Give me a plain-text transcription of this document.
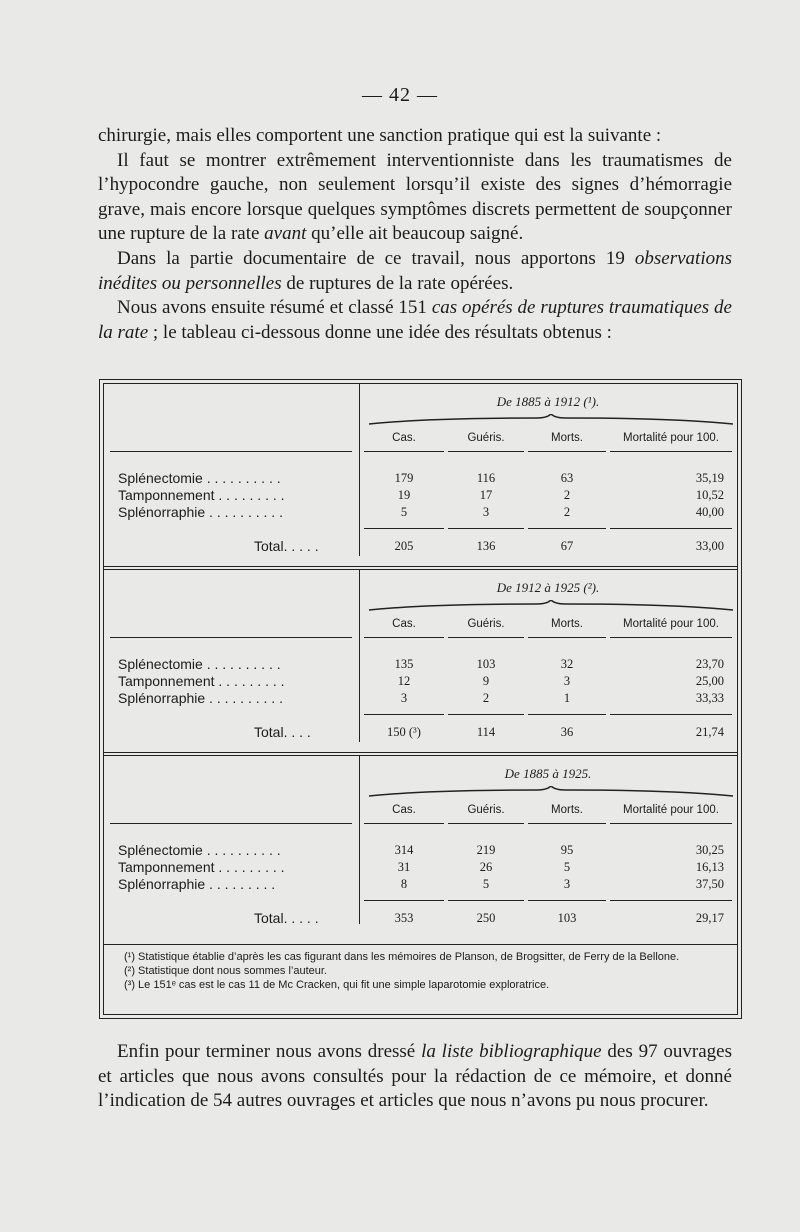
— 42 —

chirurgie, mais elles comportent une sanction pratique qui est la suivante :

Il faut se montrer extrêmement interventionniste dans les traumatismes de l’hypocondre gauche, non seulement lorsqu’il existe des signes d’hémorragie grave, mais encore lorsque quelques symptômes discrets permettent de soupçonner une rupture de la rate avant qu’elle ait beaucoup saigné.

Dans la partie documentaire de ce travail, nous apportons 19 observations inédites ou personnelles de ruptures de la rate opérées.

Nous avons ensuite résumé et classé 151 cas opérés de ruptures traumatiques de la rate ; le tableau ci-dessous donne une idée des résultats obtenus :

(¹) Statistique établie d’après les cas figurant dans les mémoires de Planson, de Brogsitter, de Ferry de la Bellone.
(²) Statistique dont nous sommes l’auteur.
(³) Le 151ᵉ cas est le cas 11 de Mc Cracken, qui fit une simple laparotomie exploratrice.
De 1885 à 1912 (¹).
Cas.	Guéris.	Morts.	Mortalité pour 100.
Splénectomie . . . . . . . . . .	179	116	63	35,19
Tamponnement . . . . . . . . .	19	17	2	10,52
Splénorraphie . . . . . . . . . .	5	3	2	40,00
Total. . . . .	205	136	67	33,00
De 1912 à 1925 (²).
Cas.	Guéris.	Morts.	Mortalité pour 100.
Splénectomie . . . . . . . . . .	135	103	32	23,70
Tamponnement . . . . . . . . .	12	9	3	25,00
Splénorraphie . . . . . . . . . .	3	2	1	33,33
Total. . . .	150 (³)	114	36	21,74
De 1885 à 1925.
Cas.	Guéris.	Morts.	Mortalité pour 100.
Splénectomie . . . . . . . . . .	314	219	95	30,25
Tamponnement . . . . . . . . .	31	26	5	16,13
Splénorraphie . . . . . . . . .	8	5	3	37,50
Total. . . . .	353	250	103	29,17

Enfin pour terminer nous avons dressé la liste bibliographique des 97 ouvrages et articles que nous avons consultés pour la rédaction de ce mémoire, et donné l’indication de 54 autres ouvrages et articles que nous n’avons pu nous procurer.
